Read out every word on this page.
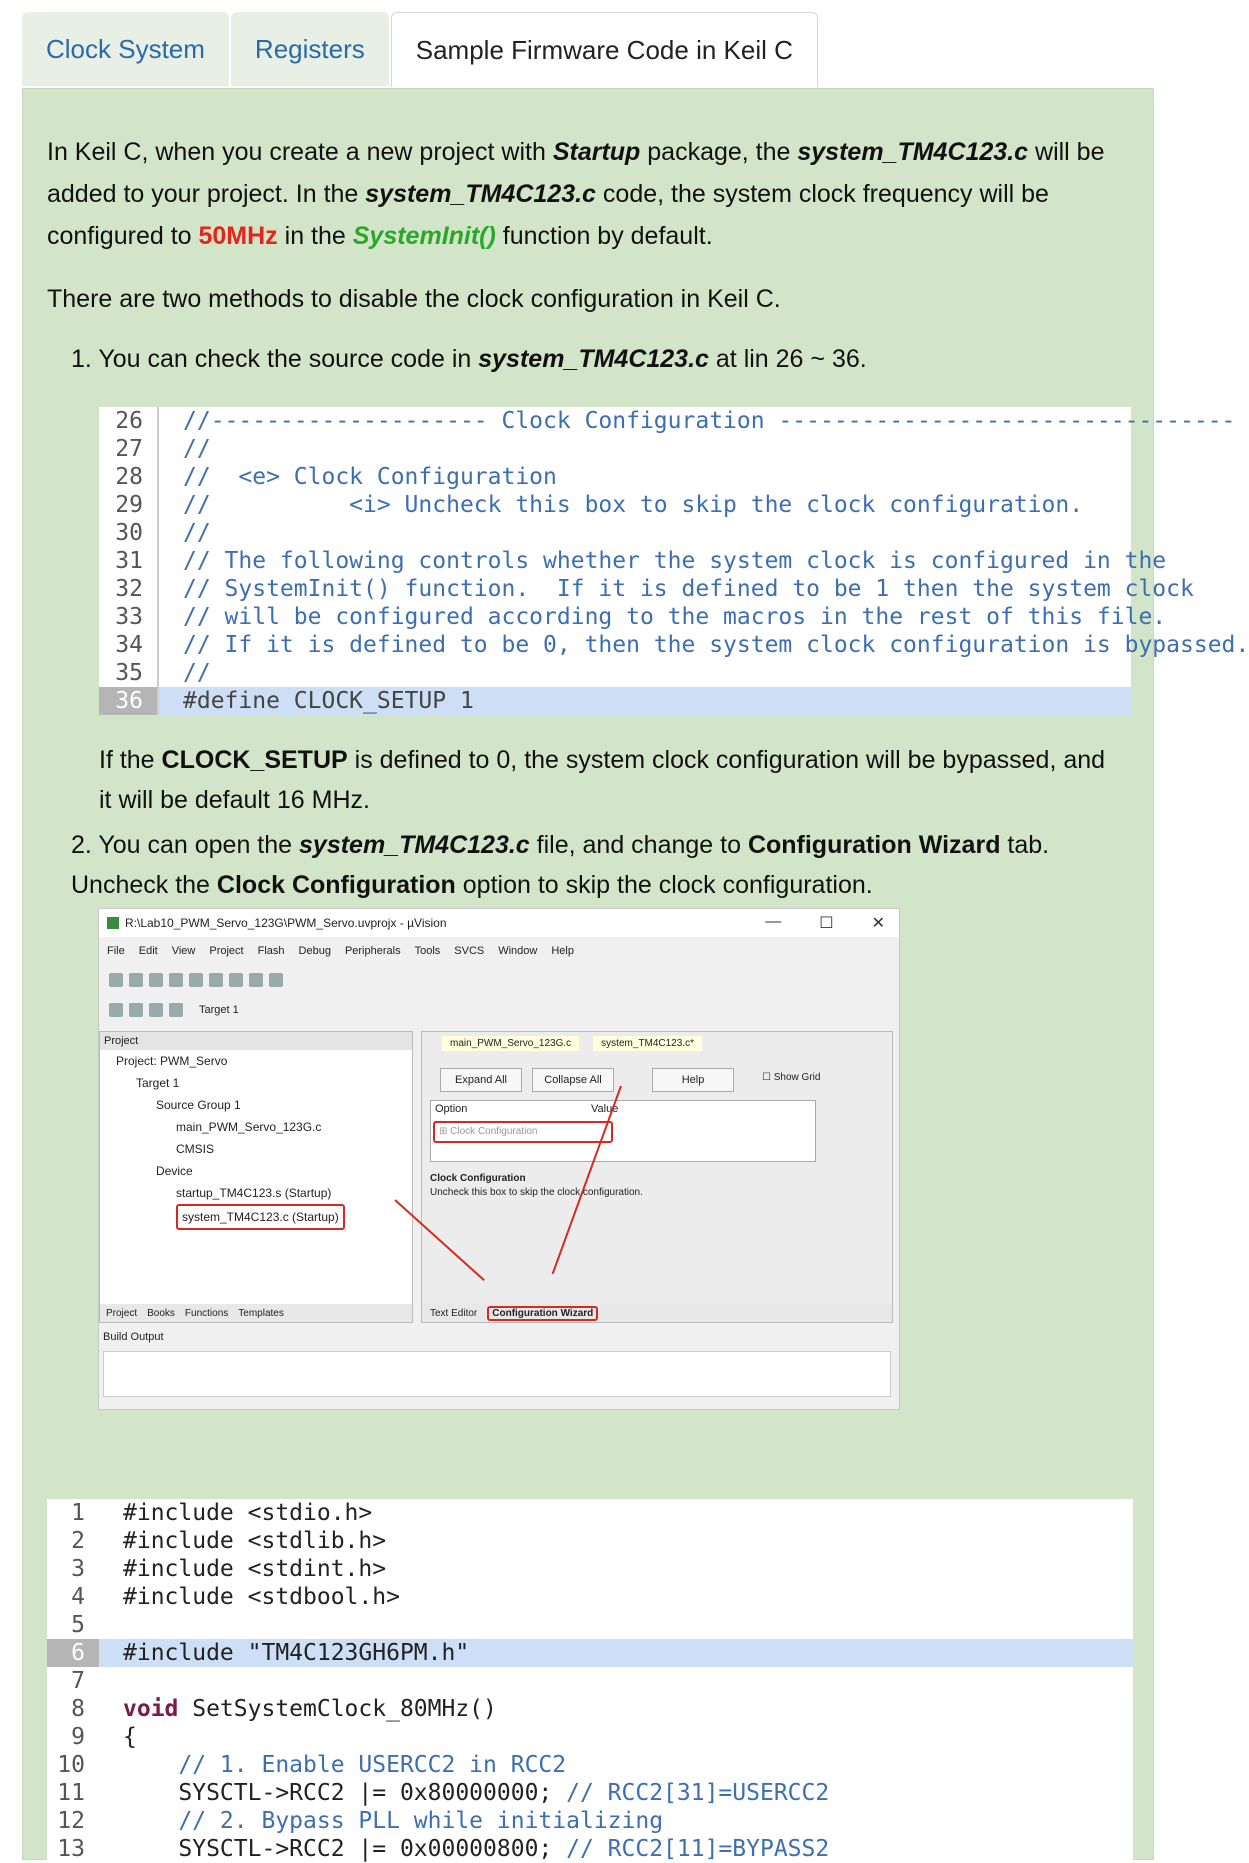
Clock System	Registers	Sample Firmware Code in Keil C
In Keil C, when you create a new project with Startup package, the system_TM4C123.c will be added to your project. In the system_TM4C123.c code, the system clock frequency will be configured to 50MHz in the SystemInit() function by default.
There are two methods to disable the clock configuration in Keil C.
1. You can check the source code in system_TM4C123.c at lin 26 ~ 36.
26	//-------------------- Clock Configuration ---------------------------------
27	//
28	//  <e> Clock Configuration
29	//          <i> Uncheck this box to skip the clock configuration.
30	//
31	// The following controls whether the system clock is configured in the
32	// SystemInit() function.  If it is defined to be 1 then the system clock
33	// will be configured according to the macros in the rest of this file.
34	// If it is defined to be 0, then the system clock configuration is bypassed.
35	//
36	#define CLOCK_SETUP 1
If the CLOCK_SETUP is defined to 0, the system clock configuration will be bypassed, and it will be default 16 MHz.
2. You can open the system_TM4C123.c file, and change to Configuration Wizard tab. Uncheck the Clock Configuration option to skip the clock configuration.
1	#include <stdio.h>
2	#include <stdlib.h>
3	#include <stdint.h>
4	#include <stdbool.h>
5
6	#include "TM4C123GH6PM.h"
7
8	void SetSystemClock_80MHz()
9	{
10	// 1. Enable USERCC2 in RCC2
11	SYSCTL->RCC2 |= 0x80000000; // RCC2[31]=USERCC2
12	// 2. Bypass PLL while initializing
13	SYSCTL->RCC2 |= 0x00000800; // RCC2[11]=BYPASS2
R:\Lab10_PWM_Servo_123G\PWM_Servo.uvprojx - µVision	— ☐ ✕
File Edit View Project Flash Debug Peripherals Tools SVCS Window Help
Target 1
Project
Project: PWM_Servo
Target 1
Source Group 1
main_PWM_Servo_123G.c
CMSIS
Device
startup_TM4C123.s (Startup)
system_TM4C123.c (Startup)
Project Books Functions Templates
main_PWM_Servo_123G.c	system_TM4C123.c*
Expand All	Collapse All	Help	☐ Show Grid
Option	Value
⊞ Clock Configuration
Clock Configuration
Uncheck this box to skip the clock configuration.
Text Editor	Configuration Wizard
Build Output
